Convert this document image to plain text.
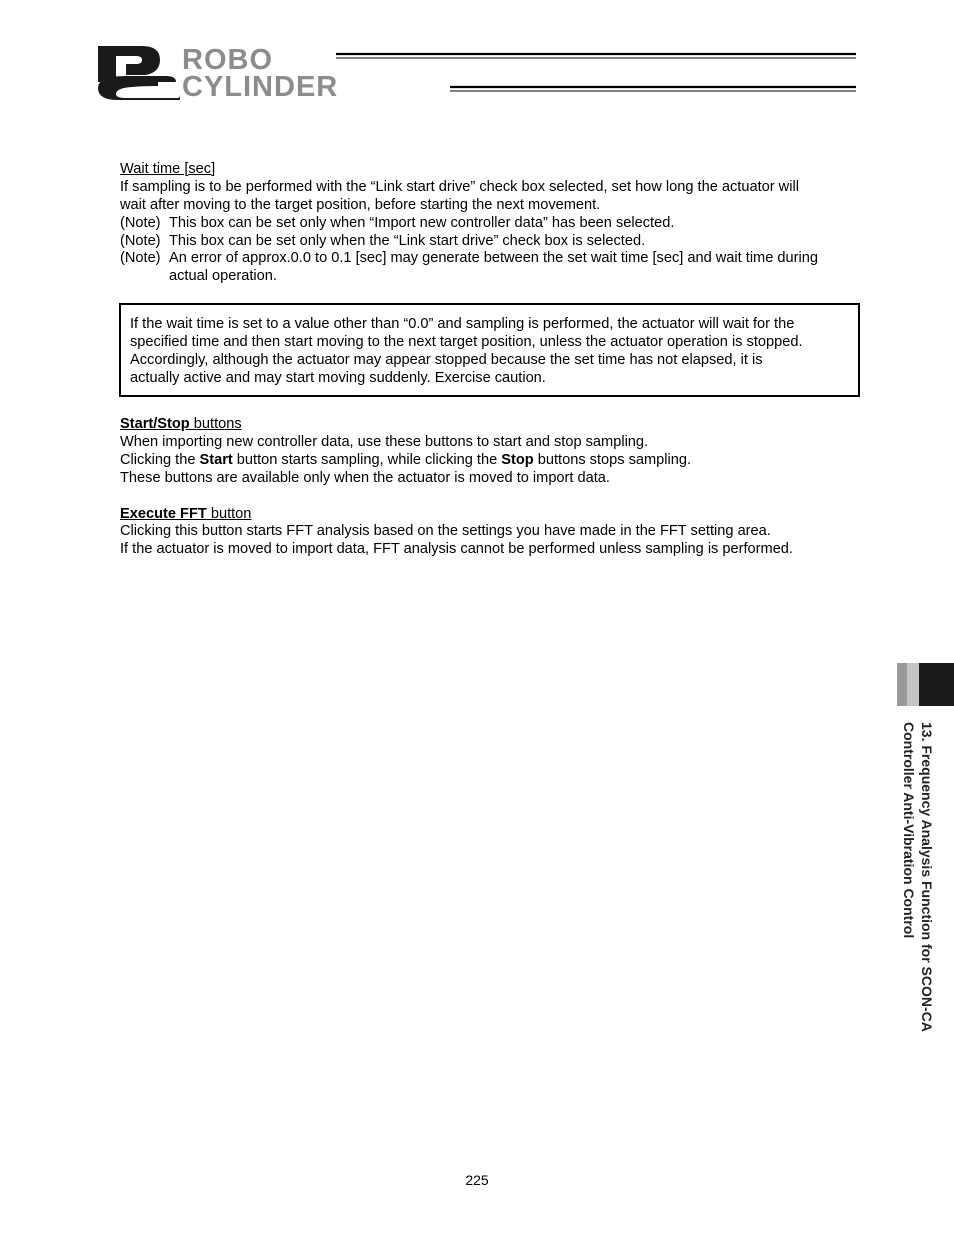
ROBO
CYLINDER
Wait time [sec]
If sampling is to be performed with the “Link start drive” check box selected, set how long the actuator will
wait after moving to the target position, before starting the next movement.
(Note) This box can be set only when “Import new controller data” has been selected.
(Note) This box can be set only when the “Link start drive” check box is selected.
(Note) An error of approx.0.0 to 0.1 [sec] may generate between the set wait time [sec] and wait time during
actual operation.
If the wait time is set to a value other than “0.0” and sampling is performed, the actuator will wait for the
specified time and then start moving to the next target position, unless the actuator operation is stopped.
Accordingly, although the actuator may appear stopped because the set time has not elapsed, it is
actually active and may start moving suddenly. Exercise caution.
Start/Stop buttons
When importing new controller data, use these buttons to start and stop sampling.
Clicking the Start button starts sampling, while clicking the Stop buttons stops sampling.
These buttons are available only when the actuator is moved to import data.
Execute FFT button
Clicking this button starts FFT analysis based on the settings you have made in the FFT setting area.
If the actuator is moved to import data, FFT analysis cannot be performed unless sampling is performed.
13. Frequency Analysis Function for SCON-CA
Controller Anti-Vibration Control
225
